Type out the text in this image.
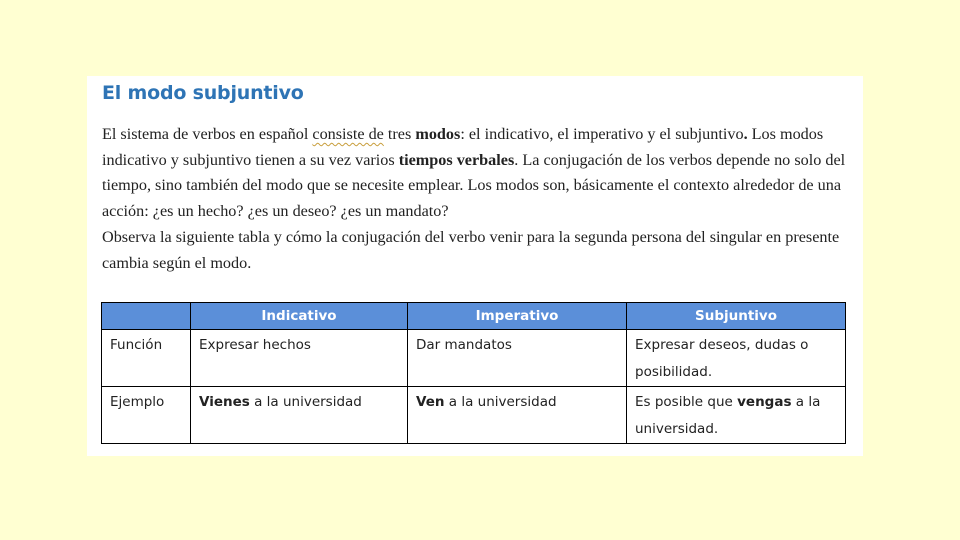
El modo subjuntivo

El sistema de verbos en español consiste de tres modos: el indicativo, el imperativo y el subjuntivo. Los modos indicativo y subjuntivo tienen a su vez varios tiempos verbales. La conjugación de los verbos depende no solo del tiempo, sino también del modo que se necesite emplear. Los modos son, básicamente el contexto alrededor de una acción: ¿es un hecho? ¿es un deseo? ¿es un mandato?

Observa la siguiente tabla y cómo la conjugación del verbo venir para la segunda persona del singular en presente cambia según el modo.

	Indicativo	Imperativo	Subjuntivo
Función	Expresar hechos	Dar mandatos	Expresar deseos, dudas o posibilidad.
Ejemplo	Vienes a la universidad	Ven a la universidad	Es posible que vengas a la universidad.
